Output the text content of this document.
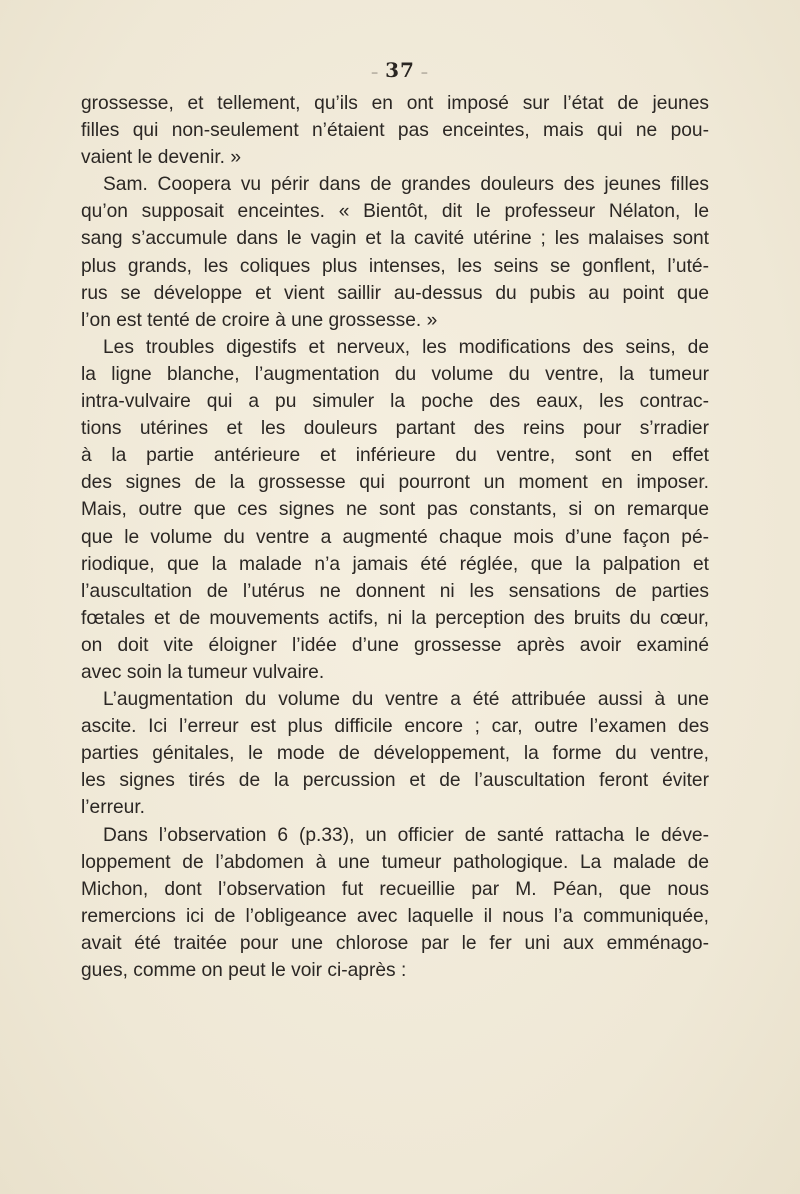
– 37 –
grossesse, et tellement, qu’ils en ont imposé sur l’état de jeunes
filles qui non-seulement n’étaient pas enceintes, mais qui ne pou-
vaient le devenir. »
Sam. Coopera vu périr dans de grandes douleurs des jeunes filles
qu’on supposait enceintes. « Bientôt, dit le professeur Nélaton, le
sang s’accumule dans le vagin et la cavité utérine ; les malaises sont
plus grands, les coliques plus intenses, les seins se gonflent, l’uté-
rus se développe et vient saillir au-dessus du pubis au point que
l’on est tenté de croire à une grossesse. »
Les troubles digestifs et nerveux, les modifications des seins, de
la ligne blanche, l’augmentation du volume du ventre, la tumeur
intra-vulvaire qui a pu simuler la poche des eaux, les contrac-
tions utérines et les douleurs partant des reins pour s’rradier
à la partie antérieure et inférieure du ventre, sont en effet
des signes de la grossesse qui pourront un moment en imposer.
Mais, outre que ces signes ne sont pas constants, si on remarque
que le volume du ventre a augmenté chaque mois d’une façon pé-
riodique, que la malade n’a jamais été réglée, que la palpation et
l’auscultation de l’utérus ne donnent ni les sensations de parties
fœtales et de mouvements actifs, ni la perception des bruits du cœur,
on doit vite éloigner l’idée d’une grossesse après avoir examiné
avec soin la tumeur vulvaire.
L’augmentation du volume du ventre a été attribuée aussi à une
ascite. Ici l’erreur est plus difficile encore ; car, outre l’examen des
parties génitales, le mode de développement, la forme du ventre,
les signes tirés de la percussion et de l’auscultation feront éviter
l’erreur.
Dans l’observation 6 (p.33), un officier de santé rattacha le déve-
loppement de l’abdomen à une tumeur pathologique. La malade de
Michon, dont l’observation fut recueillie par M. Péan, que nous
remercions ici de l’obligeance avec laquelle il nous l’a communiquée,
avait été traitée pour une chlorose par le fer uni aux emménago-
gues, comme on peut le voir ci-après :
